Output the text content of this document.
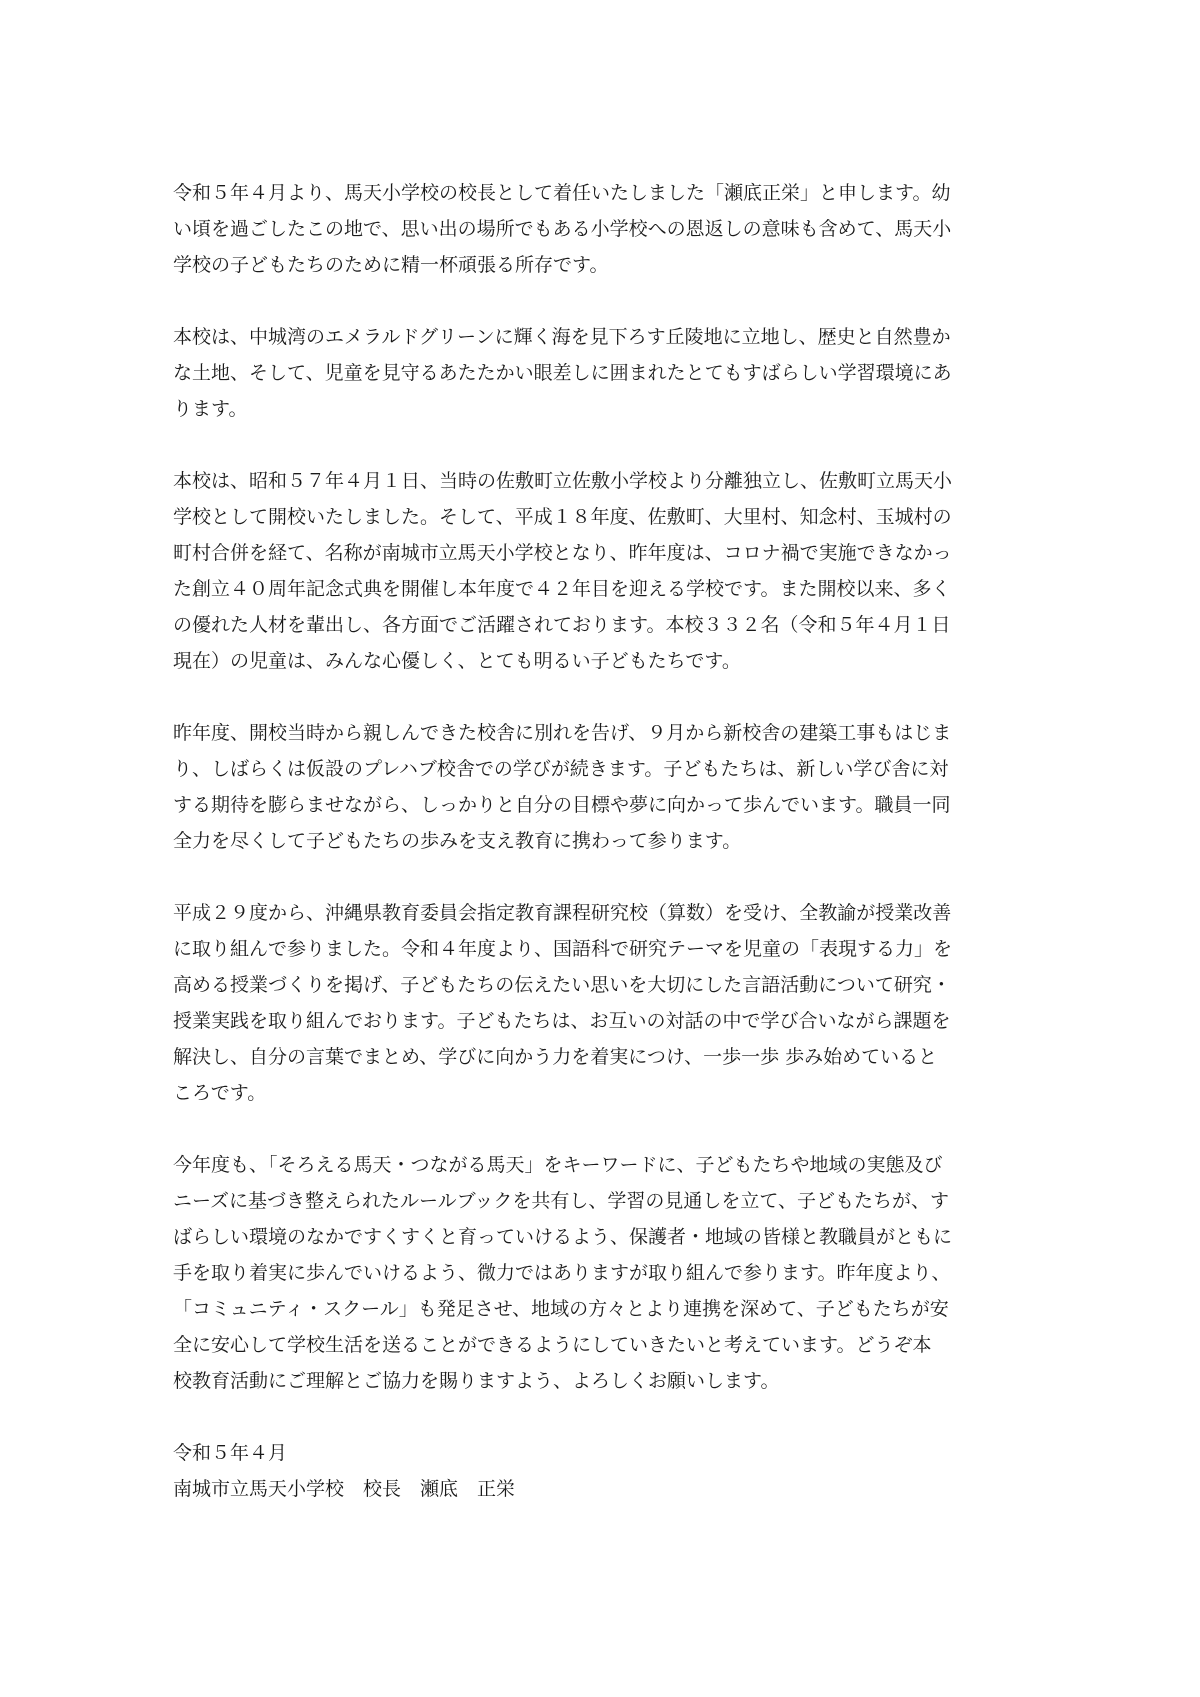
令和５年４月より、馬天小学校の校長として着任いたしました「瀬底正栄」と申します。幼
い頃を過ごしたこの地で、思い出の場所でもある小学校への恩返しの意味も含めて、馬天小
学校の子どもたちのために精一杯頑張る所存です。

本校は、中城湾のエメラルドグリーンに輝く海を見下ろす丘陵地に立地し、歴史と自然豊か
な土地、そして、児童を見守るあたたかい眼差しに囲まれたとてもすばらしい学習環境にあ
ります。

本校は、昭和５７年４月１日、当時の佐敷町立佐敷小学校より分離独立し、佐敷町立馬天小
学校として開校いたしました。そして、平成１８年度、佐敷町、大里村、知念村、玉城村の
町村合併を経て、名称が南城市立馬天小学校となり、昨年度は、コロナ禍で実施できなかっ
た創立４０周年記念式典を開催し本年度で４２年目を迎える学校です。また開校以来、多く
の優れた人材を輩出し、各方面でご活躍されております。本校３３２名（令和５年４月１日
現在）の児童は、みんな心優しく、とても明るい子どもたちです。

昨年度、開校当時から親しんできた校舎に別れを告げ、９月から新校舎の建築工事もはじま
り、しばらくは仮設のプレハブ校舎での学びが続きます。子どもたちは、新しい学び舎に対
する期待を膨らませながら、しっかりと自分の目標や夢に向かって歩んでいます。職員一同
全力を尽くして子どもたちの歩みを支え教育に携わって参ります。

平成２９度から、沖縄県教育委員会指定教育課程研究校（算数）を受け、全教諭が授業改善
に取り組んで参りました。令和４年度より、国語科で研究テーマを児童の「表現する力」を
高める授業づくりを掲げ、子どもたちの伝えたい思いを大切にした言語活動について研究・
授業実践を取り組んでおります。子どもたちは、お互いの対話の中で学び合いながら課題を
解決し、自分の言葉でまとめ、学びに向かう力を着実につけ、一歩一歩 歩み始めていると
ころです。

今年度も、「そろえる馬天・つながる馬天」をキーワードに、子どもたちや地域の実態及び
ニーズに基づき整えられたルールブックを共有し、学習の見通しを立て、子どもたちが、す
ばらしい環境のなかですくすくと育っていけるよう、保護者・地域の皆様と教職員がともに
手を取り着実に歩んでいけるよう、微力ではありますが取り組んで参ります。昨年度より、
「コミュニティ・スクール」も発足させ、地域の方々とより連携を深めて、子どもたちが安
全に安心して学校生活を送ることができるようにしていきたいと考えています。どうぞ本
校教育活動にご理解とご協力を賜りますよう、よろしくお願いします。

令和５年４月
南城市立馬天小学校　校長　瀬底　正栄
